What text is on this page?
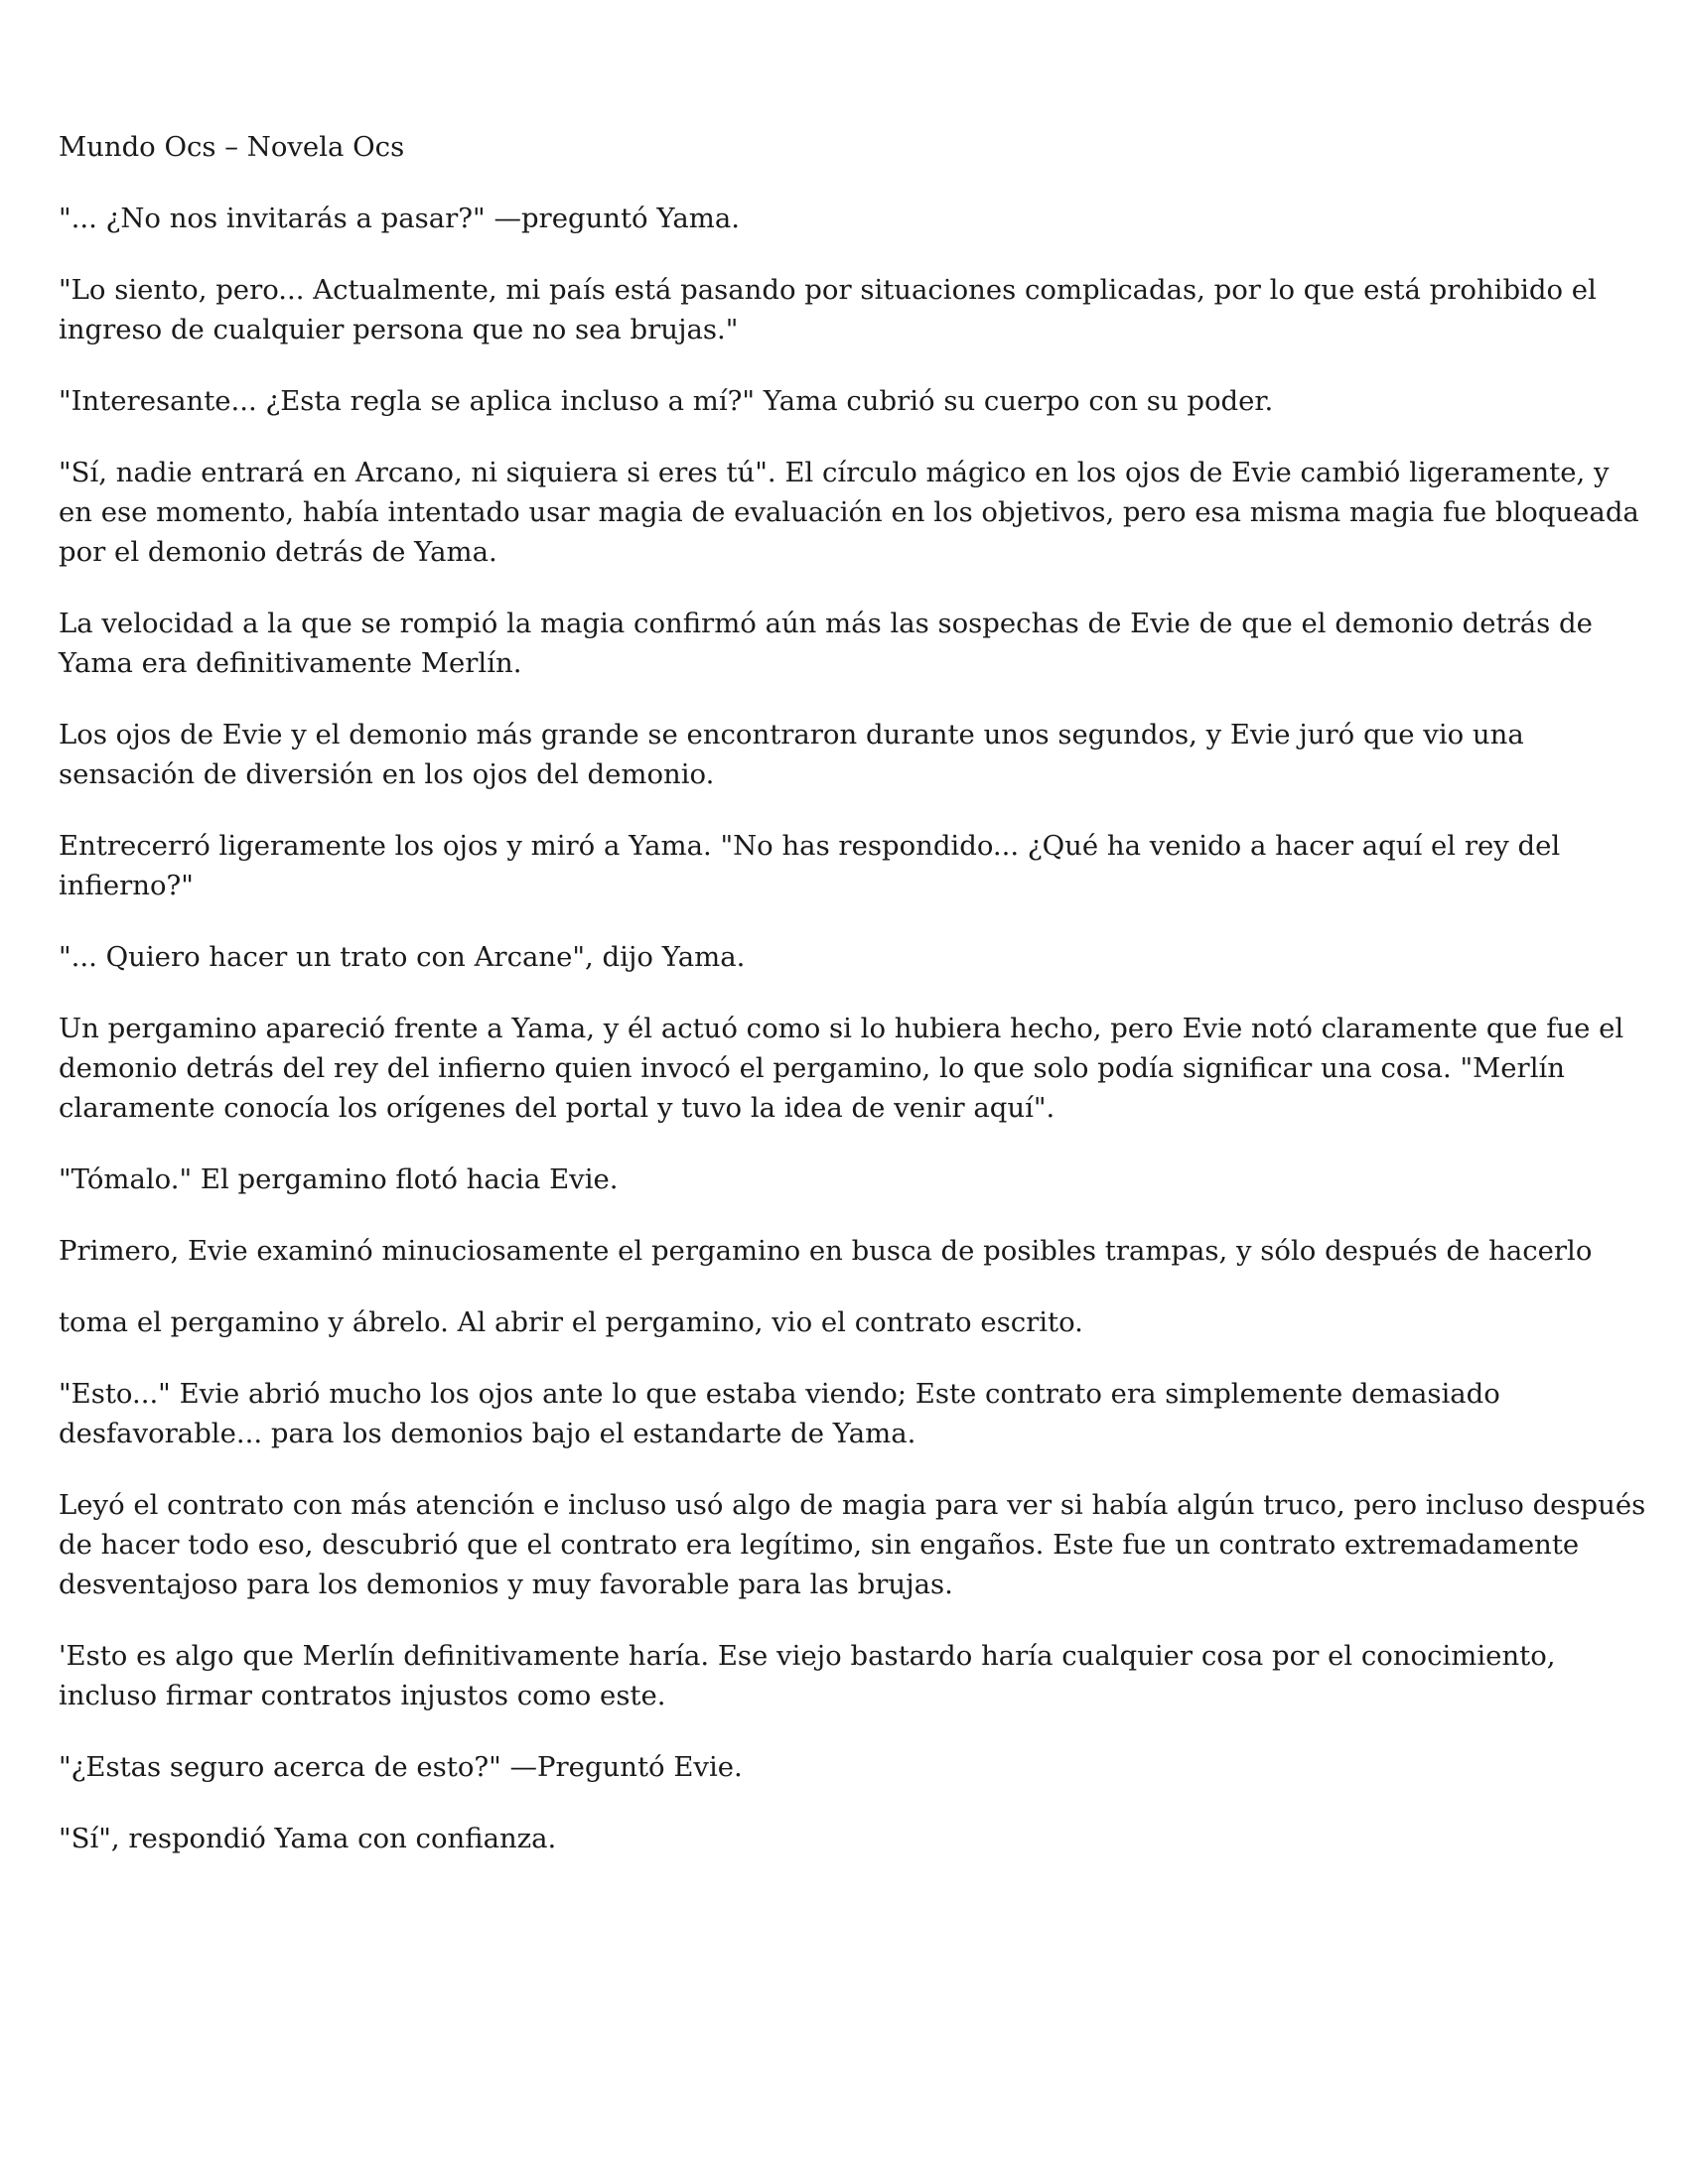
Mundo Ocs – Novela Ocs

"... ¿No nos invitarás a pasar?" —preguntó Yama.

"Lo siento, pero... Actualmente, mi país está pasando por situaciones complicadas, por lo que está prohibido el ingreso de cualquier persona que no sea brujas."

"Interesante... ¿Esta regla se aplica incluso a mí?" Yama cubrió su cuerpo con su poder.

"Sí, nadie entrará en Arcano, ni siquiera si eres tú". El círculo mágico en los ojos de Evie cambió ligeramente, y en ese momento, había intentado usar magia de evaluación en los objetivos, pero esa misma magia fue bloqueada por el demonio detrás de Yama.

La velocidad a la que se rompió la magia confirmó aún más las sospechas de Evie de que el demonio detrás de Yama era definitivamente Merlín.

Los ojos de Evie y el demonio más grande se encontraron durante unos segundos, y Evie juró que vio una sensación de diversión en los ojos del demonio.

Entrecerró ligeramente los ojos y miró a Yama. "No has respondido... ¿Qué ha venido a hacer aquí el rey del infierno?"

"... Quiero hacer un trato con Arcane", dijo Yama.

Un pergamino apareció frente a Yama, y él actuó como si lo hubiera hecho, pero Evie notó claramente que fue el demonio detrás del rey del infierno quien invocó el pergamino, lo que solo podía significar una cosa. "Merlín claramente conocía los orígenes del portal y tuvo la idea de venir aquí".

"Tómalo." El pergamino flotó hacia Evie.

Primero, Evie examinó minuciosamente el pergamino en busca de posibles trampas, y sólo después de hacerlo

toma el pergamino y ábrelo. Al abrir el pergamino, vio el contrato escrito.

"Esto..." Evie abrió mucho los ojos ante lo que estaba viendo; Este contrato era simplemente demasiado desfavorable... para los demonios bajo el estandarte de Yama.

Leyó el contrato con más atención e incluso usó algo de magia para ver si había algún truco, pero incluso después de hacer todo eso, descubrió que el contrato era legítimo, sin engaños. Este fue un contrato extremadamente desventajoso para los demonios y muy favorable para las brujas.

'Esto es algo que Merlín definitivamente haría. Ese viejo bastardo haría cualquier cosa por el conocimiento, incluso firmar contratos injustos como este.

"¿Estas seguro acerca de esto?" —Preguntó Evie.

"Sí", respondió Yama con confianza.
